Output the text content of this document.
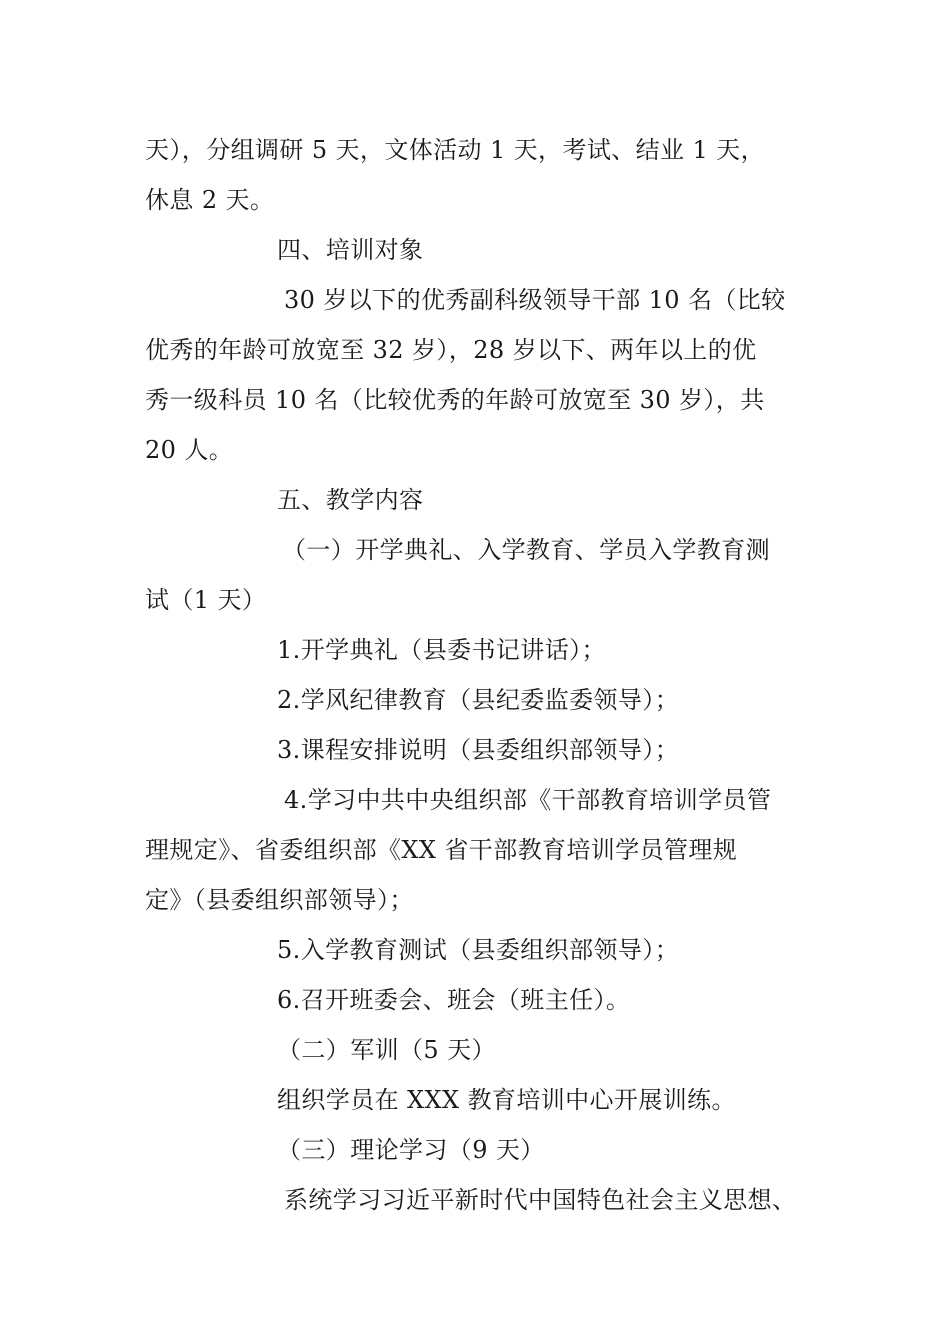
天），分组调研 5 天，文体活动 1 天，考试、结业 1 天，
休息 2 天。
四、培训对象
30 岁以下的优秀副科级领导干部 10 名（比较
优秀的年龄可放宽至 32 岁），28 岁以下、两年以上的优
秀一级科员 10 名（比较优秀的年龄可放宽至 30 岁），共
20 人。
五、教学内容
（一）开学典礼、入学教育、学员入学教育测
试（1 天）
1.开学典礼（县委书记讲话）；
2.学风纪律教育（县纪委监委领导）；
3.课程安排说明（县委组织部领导）；
4.学习中共中央组织部《干部教育培训学员管
理规定》、省委组织部《XX 省干部教育培训学员管理规
定》（县委组织部领导）；
5.入学教育测试（县委组织部领导）；
6.召开班委会、班会（班主任）。
（二）军训（5 天）
组织学员在 XXX 教育培训中心开展训练。
（三）理论学习（9 天）
系统学习习近平新时代中国特色社会主义思想、
